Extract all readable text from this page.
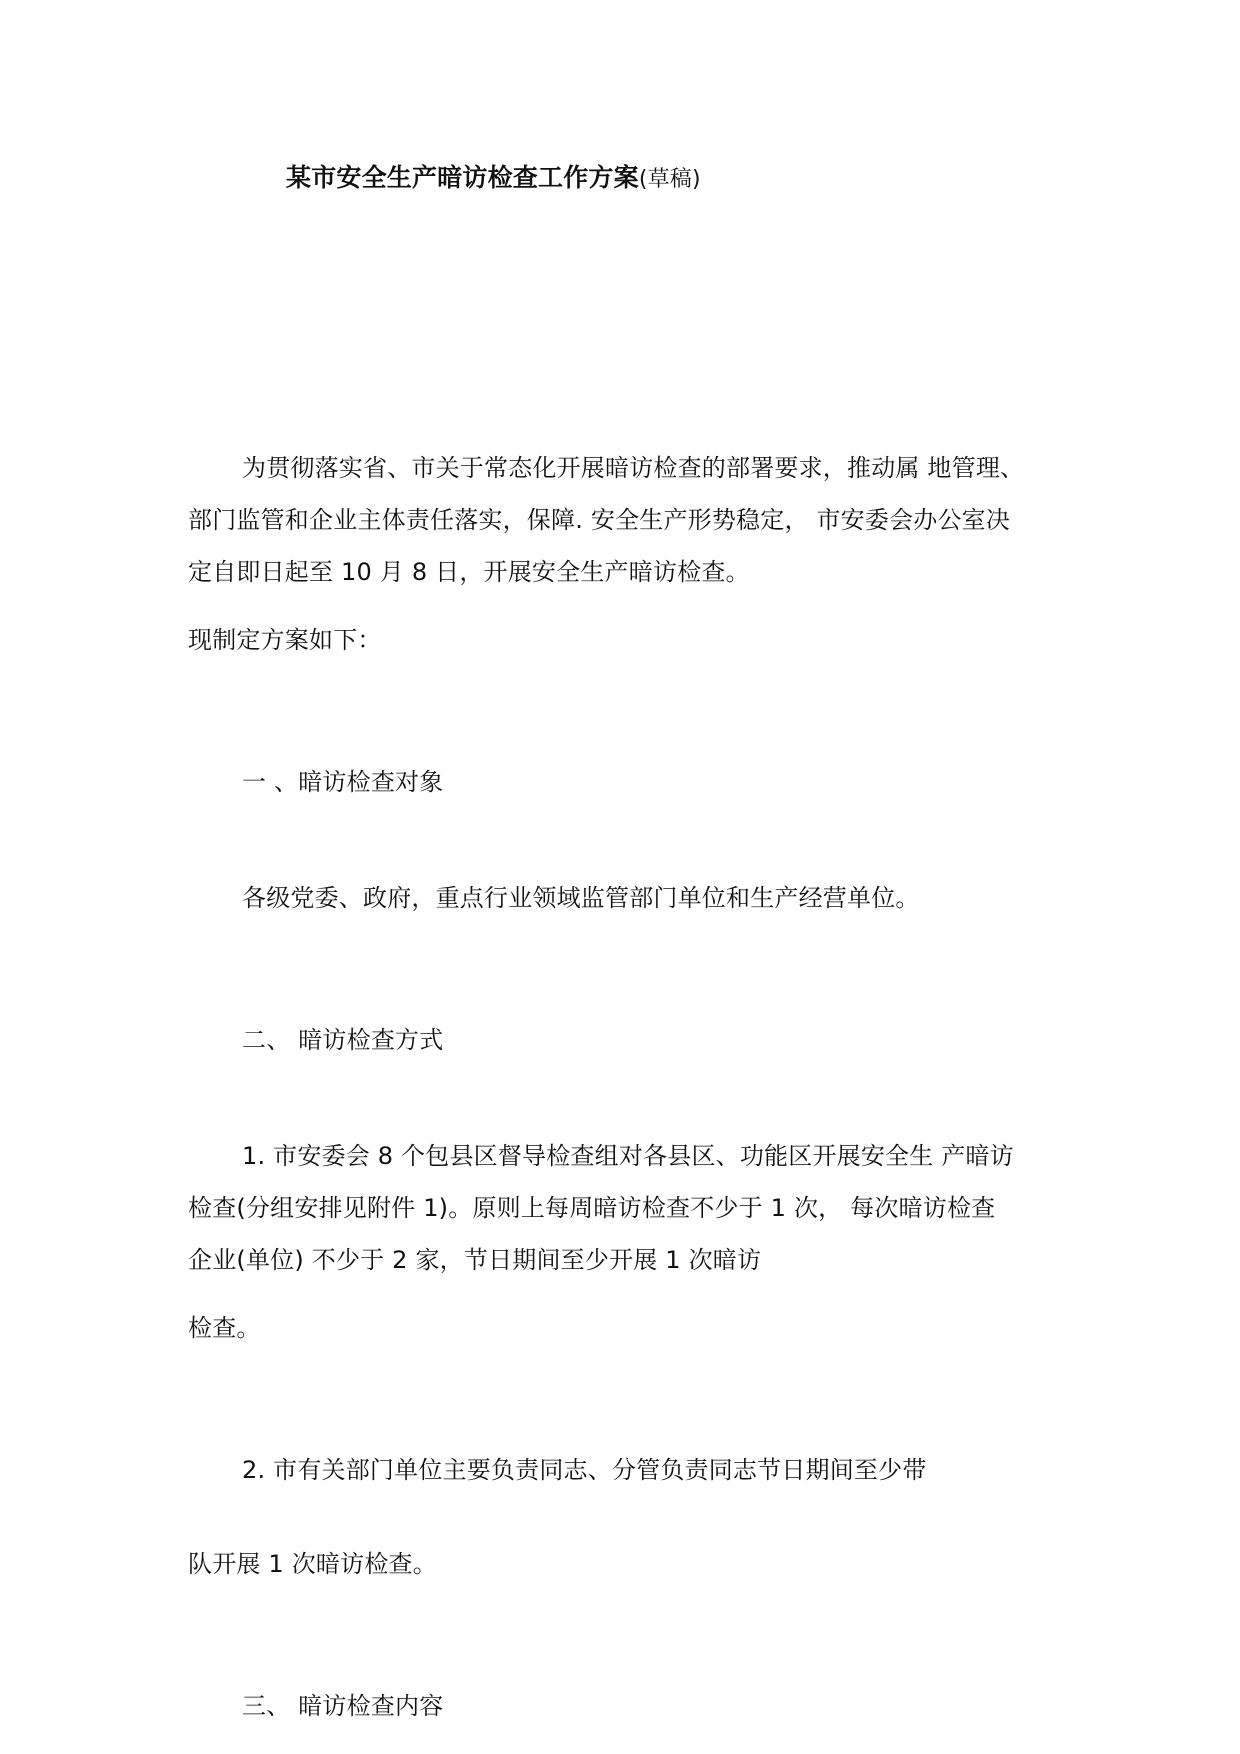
某市安全生产暗访检查工作方案(草稿)
为贯彻落实省、市关于常态化开展暗访检查的部署要求，推动属 地管理、
部门监管和企业主体责任落实，保障. 安全生产形势稳定， 市安委会办公室决
定自即日起至 10 月 8 日，开展安全生产暗访检查。
现制定方案如下：
一 、暗访检查对象
各级党委、政府，重点行业领域监管部门单位和生产经营单位。
二、 暗访检查方式
1. 市安委会 8 个包县区督导检查组对各县区、功能区开展安全生 产暗访
检查(分组安排见附件 1)。原则上每周暗访检查不少于 1 次， 每次暗访检查
企业(单位) 不少于 2 家，节日期间至少开展 1 次暗访
检查。
2. 市有关部门单位主要负责同志、分管负责同志节日期间至少带
队开展 1 次暗访检查。
三、 暗访检查内容
